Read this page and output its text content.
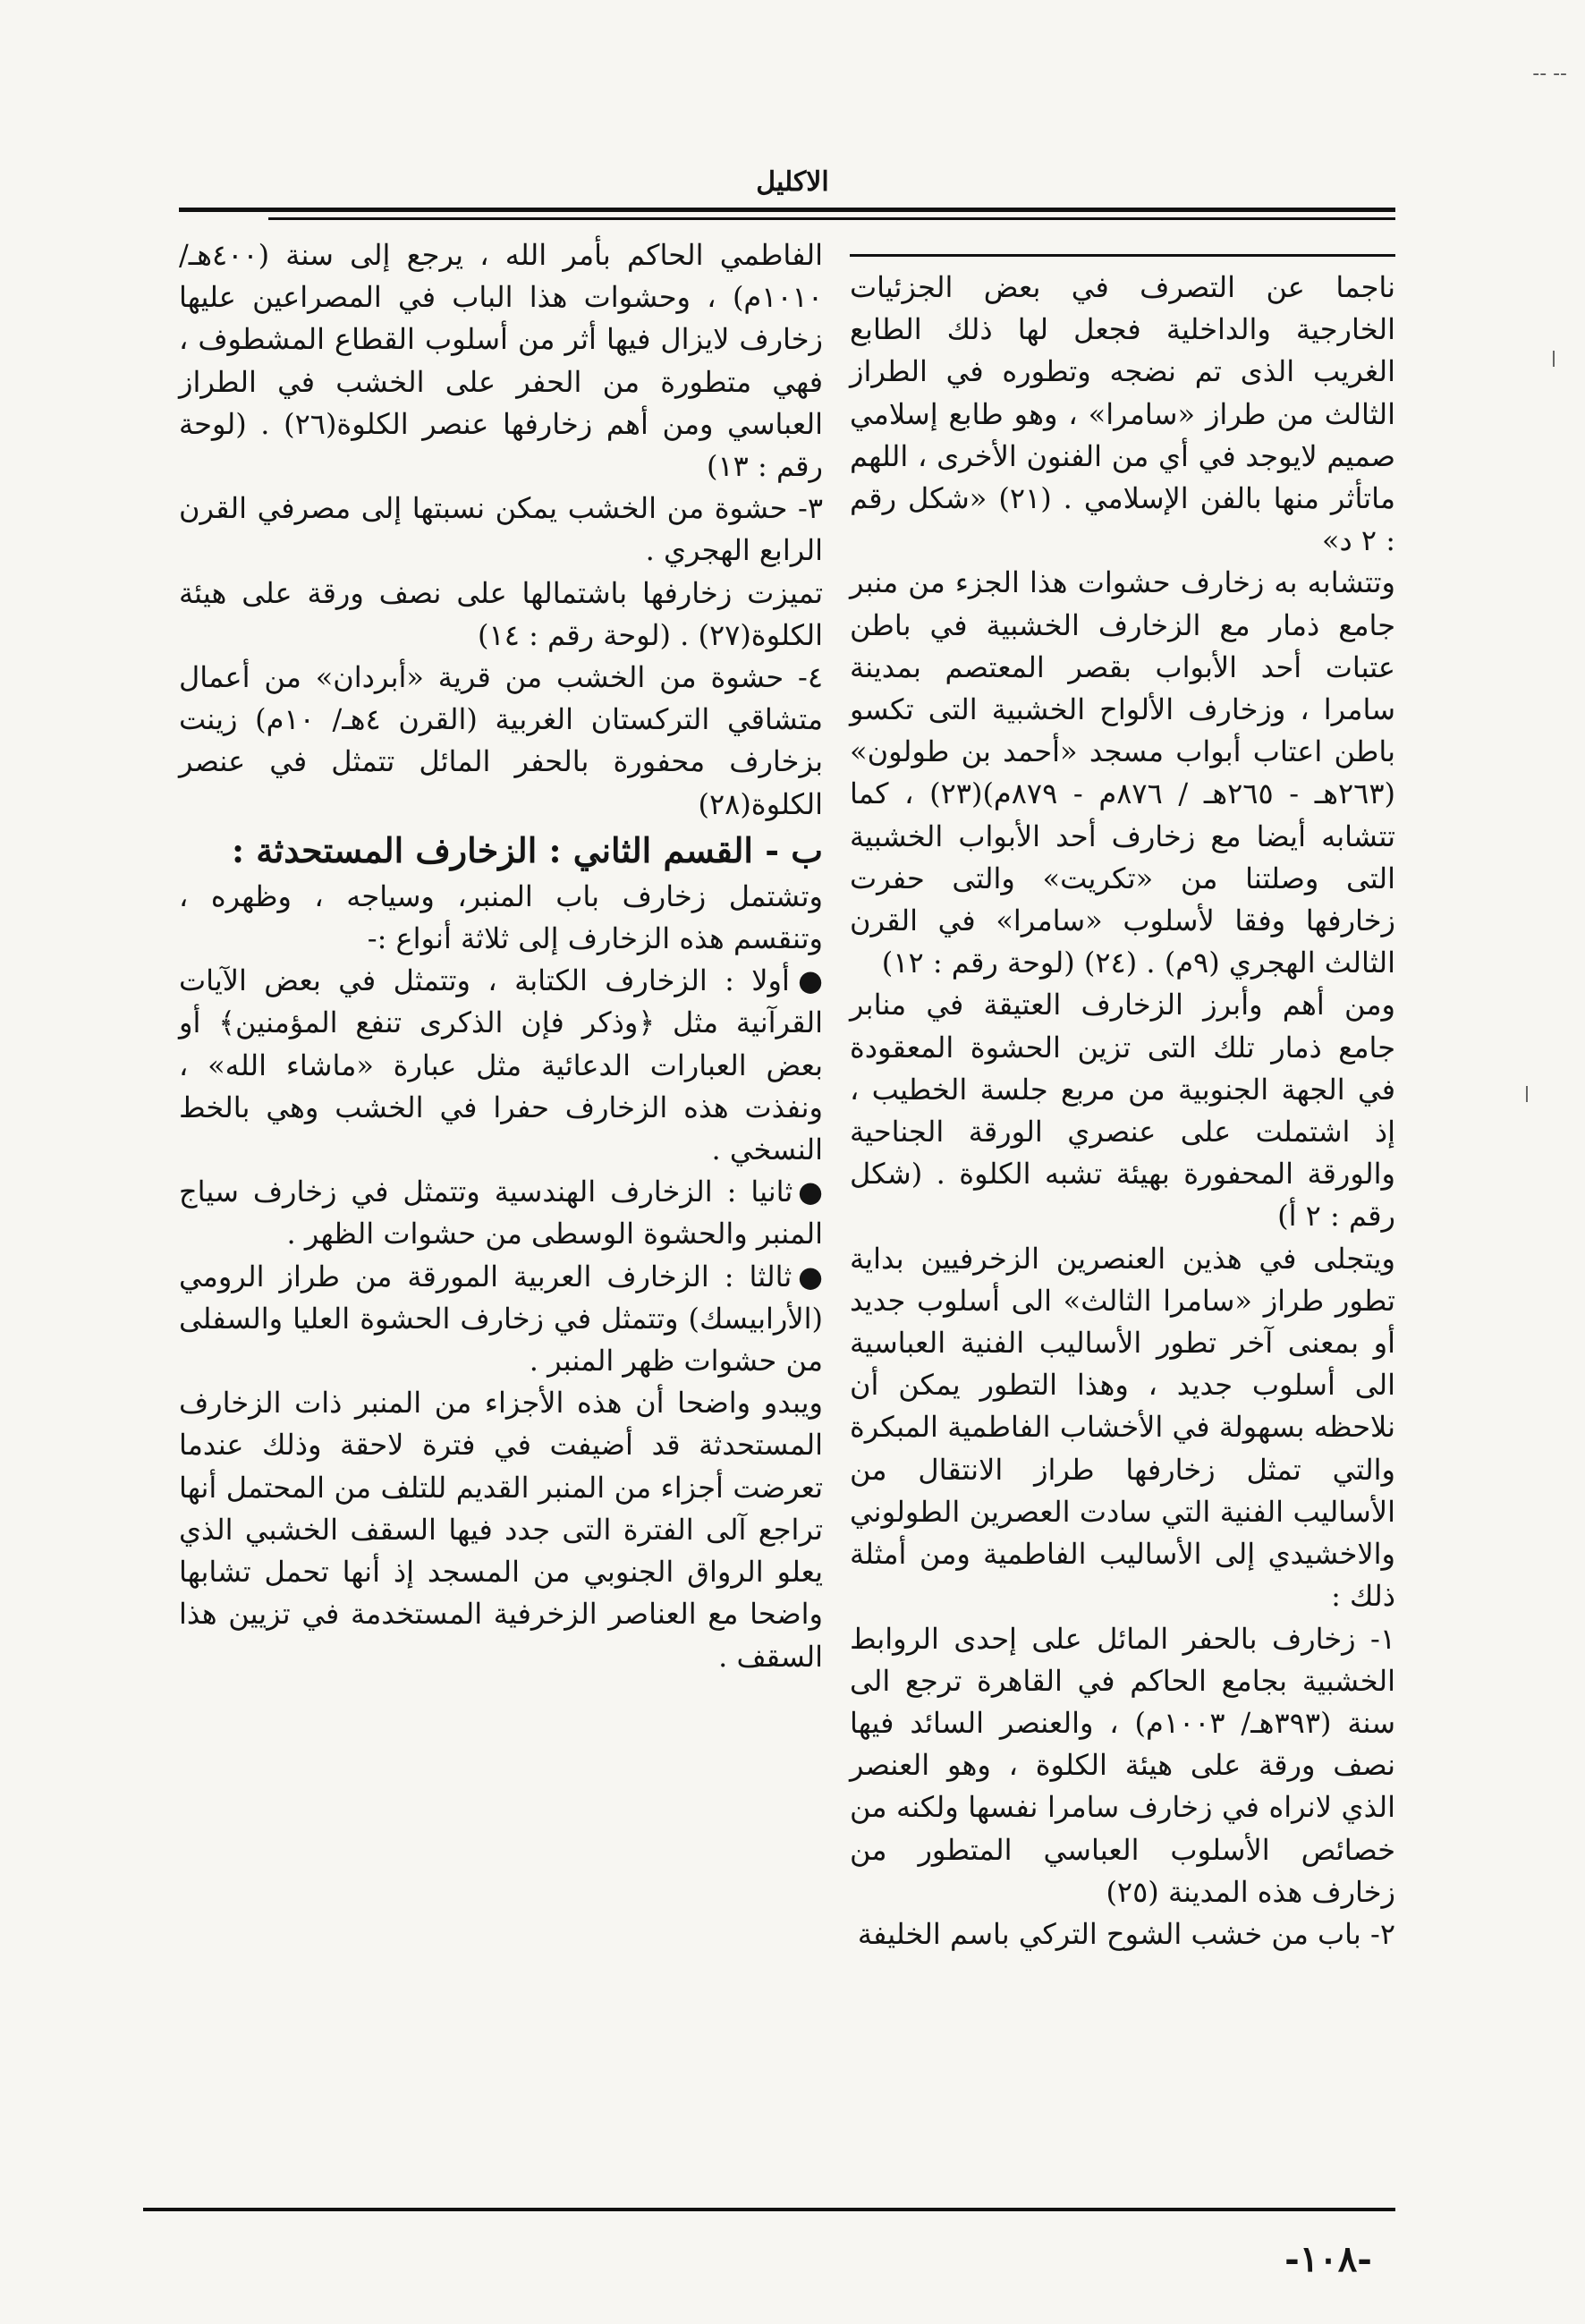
-- --
الاكليل

ناجما عن التصرف في بعض الجزئيات الخارجية والداخلية فجعل لها ذلك الطابع الغريب الذى تم نضجه وتطوره في الطراز الثالث من طراز «سامرا» ، وهو طابع إسلامي صميم لايوجد في أي من الفنون الأخرى ، اللهم ماتأثر منها بالفن الإسلامي . (٢١) «شكل رقم : ٢ د»

وتتشابه به زخارف حشوات هذا الجزء من منبر جامع ذمار مع الزخارف الخشبية في باطن عتبات أحد الأبواب بقصر المعتصم بمدينة سامرا ، وزخارف الألواح الخشبية التى تكسو باطن اعتاب أبواب مسجد «أحمد بن طولون» (٢٦٣هـ - ٢٦٥هـ / ٨٧٦م - ٨٧٩م)(٢٣) ، كما تتشابه أيضا مع زخارف أحد الأبواب الخشبية التى وصلتنا من «تكريت» والتى حفرت زخارفها وفقا لأسلوب «سامرا» في القرن الثالث الهجري (٩م) . (٢٤) (لوحة رقم : ١٢)

ومن أهم وأبرز الزخارف العتيقة في منابر جامع ذمار تلك التى تزين الحشوة المعقودة في الجهة الجنوبية من مربع جلسة الخطيب ، إذ اشتملت على عنصري الورقة الجناحية والورقة المحفورة بهيئة تشبه الكلوة . (شكل رقم : ٢ أ)

ويتجلى في هذين العنصرين الزخرفيين بداية تطور طراز «سامرا الثالث» الى أسلوب جديد أو بمعنى آخر تطور الأساليب الفنية العباسية الى أسلوب جديد ، وهذا التطور يمكن أن نلاحظه بسهولة في الأخشاب الفاطمية المبكرة والتي تمثل زخارفها طراز الانتقال من الأساليب الفنية التي سادت العصرين الطولوني والاخشيدي إلى الأساليب الفاطمية ومن أمثلة ذلك :

١- زخارف بالحفر المائل على إحدى الروابط الخشبية بجامع الحاكم في القاهرة ترجع الى سنة (٣٩٣هـ/ ١٠٠٣م) ، والعنصر السائد فيها نصف ورقة على هيئة الكلوة ، وهو العنصر الذي لانراه في زخارف سامرا نفسها ولكنه من خصائص الأسلوب العباسي المتطور من زخارف هذه المدينة (٢٥)

٢- باب من خشب الشوح التركي باسم الخليفة

الفاطمي الحاكم بأمر الله ، يرجع إلى سنة (٤٠٠هـ/ ١٠١٠م) ، وحشوات هذا الباب في المصراعين عليها زخارف لايزال فيها أثر من أسلوب القطاع المشطوف ، فهي متطورة من الحفر على الخشب في الطراز العباسي ومن أهم زخارفها عنصر الكلوة(٢٦) . (لوحة رقم : ١٣)

٣- حشوة من الخشب يمكن نسبتها إلى مصرفي القرن الرابع الهجري .

تميزت زخارفها باشتمالها على نصف ورقة على هيئة الكلوة(٢٧) . (لوحة رقم : ١٤)

٤- حشوة من الخشب من قرية «أبردان» من أعمال متشاقي التركستان الغربية (القرن ٤هـ/ ١٠م) زينت بزخارف محفورة بالحفر المائل تتمثل في عنصر الكلوة(٢٨)

ب - القسم الثاني : الزخارف المستحدثة :

وتشتمل زخارف باب المنبر، وسياجه ، وظهره ، وتنقسم هذه الزخارف إلى ثلاثة أنواع :-

●أولا : الزخارف الكتابة ، وتتمثل في بعض الآيات القرآنية مثل ﴿وذكر فإن الذكرى تنفع المؤمنين﴾ أو بعض العبارات الدعائية مثل عبارة «ماشاء الله» ، ونفذت هذه الزخارف حفرا في الخشب وهي بالخط النسخي .

●ثانيا : الزخارف الهندسية وتتمثل في زخارف سياج المنبر والحشوة الوسطى من حشوات الظهر .

●ثالثا : الزخارف العربية المورقة من طراز الرومي (الأرابيسك) وتتمثل في زخارف الحشوة العليا والسفلى من حشوات ظهر المنبر .

ويبدو واضحا أن هذه الأجزاء من المنبر ذات الزخارف المستحدثة قد أضيفت في فترة لاحقة وذلك عندما تعرضت أجزاء من المنبر القديم للتلف من المحتمل أنها تراجع آلى الفترة التى جدد فيها السقف الخشبي الذي يعلو الرواق الجنوبي من المسجد إذ أنها تحمل تشابها واضحا مع العناصر الزخرفية المستخدمة في تزيين هذا السقف .

-١٠٨-
